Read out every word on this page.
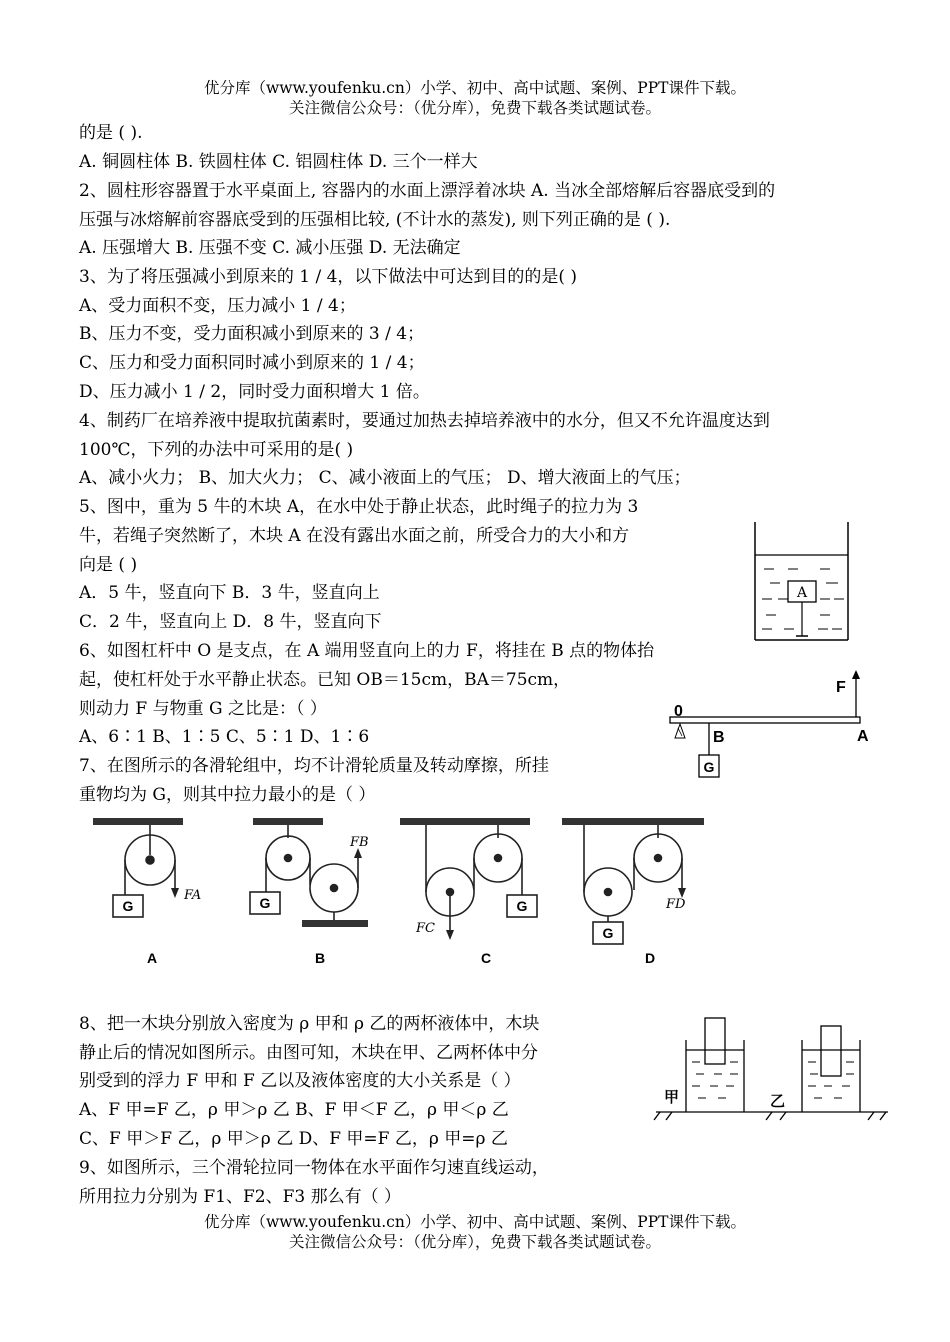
优分库（www.youfenku.cn）小学、初中、高中试题、案例、PPT课件下载。
关注微信公众号：（优分库），免费下载各类试题试卷。
的是 ( ).
A. 铜圆柱体 B. 铁圆柱体 C. 铝圆柱体 D. 三个一样大
2、圆柱形容器置于水平桌面上, 容器内的水面上漂浮着冰块 A. 当冰全部熔解后容器底受到的
压强与冰熔解前容器底受到的压强相比较, (不计水的蒸发), 则下列正确的是 ( ).
A. 压强增大 B. 压强不变 C. 减小压强 D. 无法确定
3、为了将压强减小到原来的 1 / 4，以下做法中可达到目的的是( )
A、受力面积不变，压力减小 1 / 4；
B、压力不变，受力面积减小到原来的 3 / 4；
C、压力和受力面积同时减小到原来的 1 / 4；
D、压力减小 1 / 2，同时受力面积增大 1 倍。
4、制药厂在培养液中提取抗菌素时，要通过加热去掉培养液中的水分，但又不允许温度达到
100℃，下列的办法中可采用的是( )
A、减小火力； B、加大火力； C、减小液面上的气压； D、增大液面上的气压；
5、图中，重为 5 牛的木块 A，在水中处于静止状态，此时绳子的拉力为 3
牛，若绳子突然断了，木块 A 在没有露出水面之前，所受合力的大小和方
向是 ( )
A．5 牛，竖直向下 B．3 牛，竖直向上
C．2 牛，竖直向上 D．8 牛，竖直向下
A
6、如图杠杆中 O 是支点，在 A 端用竖直向上的力 F，将挂在 B 点的物体抬
起，使杠杆处于水平静止状态。已知 OB＝15cm，BA＝75cm，
则动力 F 与物重 G 之比是：（ ）
A、6∶1 B、1∶5 C、5∶1 D、1∶6
0
B
G
F
A
7、在图所示的各滑轮组中，均不计滑轮质量及转动摩擦，所挂
重物均为 G，则其中拉力最小的是（ ）
G	G	G
G
FA
FB
FC
FD
A	B	C	D
8、把一木块分别放入密度为 ρ 甲和 ρ 乙的两杯液体中，木块
静止后的情况如图所示。由图可知，木块在甲、乙两杯体中分
别受到的浮力 F 甲和 F 乙以及液体密度的大小关系是（ ）
A、F 甲=F 乙，ρ 甲＞ρ 乙 B、F 甲＜F 乙，ρ 甲＜ρ 乙
C、F 甲＞F 乙，ρ 甲＞ρ 乙 D、F 甲=F 乙，ρ 甲=ρ 乙
甲	乙
9、如图所示，三个滑轮拉同一物体在水平面作匀速直线运动，
所用拉力分别为 F1、F2、F3 那么有（ ）
优分库（www.youfenku.cn）小学、初中、高中试题、案例、PPT课件下载。
关注微信公众号：（优分库），免费下载各类试题试卷。
